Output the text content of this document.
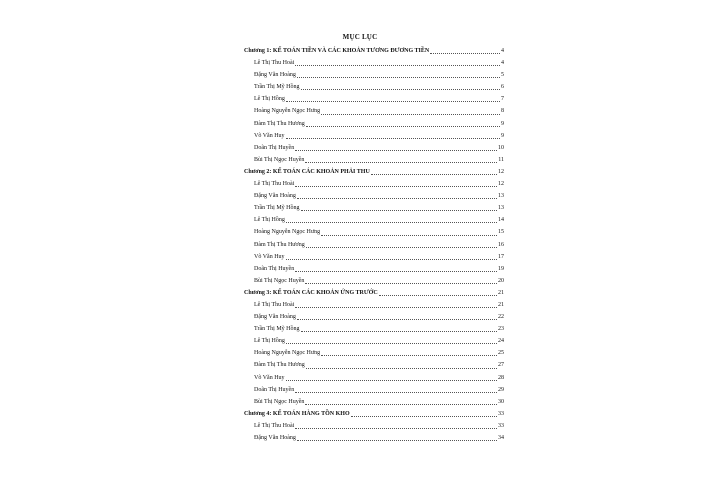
MỤC LỤC
Chương 1: KẾ TOÁN TIỀN VÀ CÁC KHOẢN TƯƠNG ĐƯƠNG TIỀN	4
Lê Thị Thu Hoài	4
Đặng Văn Hoàng	5
Trần Thị Mỹ Hồng	6
Lê Thị Hồng	7
Hoàng Nguyễn Ngọc Hưng	8
Đàm Thị Thu Hương	9
Võ Văn Huy	9
Doãn Thị Huyền	10
Bùi Thị Ngọc Huyền	11
Chương 2: KẾ TOÁN CÁC KHOẢN PHẢI THU	12
Lê Thị Thu Hoài	12
Đặng Văn Hoàng	13
Trần Thị Mỹ Hồng	13
Lê Thị Hồng	14
Hoàng Nguyễn Ngọc Hưng	15
Đàm Thị Thu Hương	16
Võ Văn Huy	17
Doãn Thị Huyền	19
Bùi Thị Ngọc Huyền	20
Chương 3: KẾ TOÁN CÁC KHOẢN ỨNG TRƯỚC	21
Lê Thị Thu Hoài	21
Đặng Văn Hoàng	22
Trần Thị Mỹ Hồng	23
Lê Thị Hồng	24
Hoàng Nguyễn Ngọc Hưng	25
Đàm Thị Thu Hương	27
Võ Văn Huy	28
Doãn Thị Huyền	29
Bùi Thị Ngọc Huyền	30
Chương 4: KẾ TOÁN HÀNG TỒN KHO	33
Lê Thị Thu Hoài	33
Đặng Văn Hoàng	34
